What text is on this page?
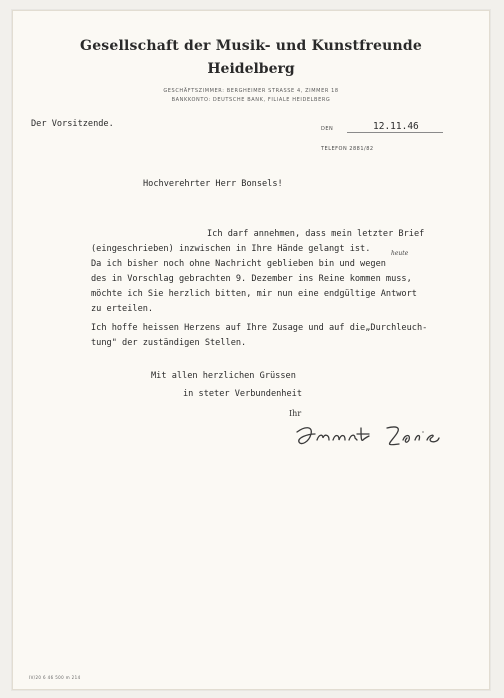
Gesellschaft der Musik- und Kunstfreunde
Heidelberg
GESCHÄFTSZIMMER: BERGHEIMER STRASSE 4, ZIMMER 18
BANKKONTO: DEUTSCHE BANK, FILIALE HEIDELBERG
Der Vorsitzende.	DEN	12.11.46
TELEFON 2881/82
Hochverehrter Herr Bonsels!
Ich darf annehmen, dass mein letzter Brief
(eingeschrieben) inzwischen in Ihre Hände gelangt ist.	heute
Da ich bisher noch ohne Nachricht geblieben bin und wegen
des in Vorschlag gebrachten 9. Dezember ins Reine kommen muss,
möchte ich Sie herzlich bitten, mir nun eine endgültige Antwort
zu erteilen.
Ich hoffe heissen Herzens auf Ihre Zusage und auf die„Durchleuch-
tung" der zuständigen Stellen.
Mit allen herzlichen Grüssen
in steter Verbundenheit
Ihr
IV/20 6 46 500 m 214
